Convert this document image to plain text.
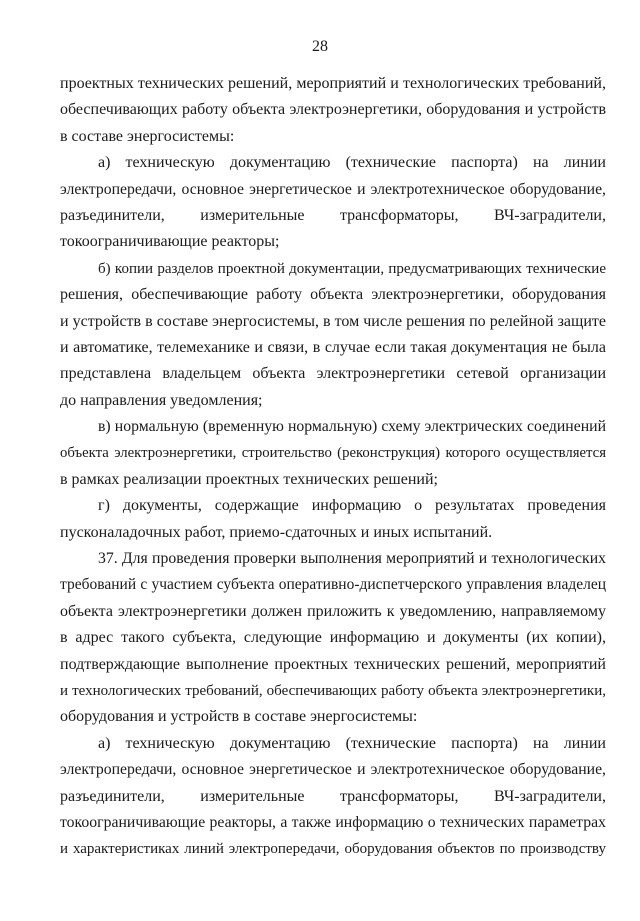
28
проектных технических решений, мероприятий и технологических требований,
обеспечивающих работу объекта электроэнергетики, оборудования и устройств
в составе энергосистемы:
а) техническую документацию (технические паспорта) на линии
электропередачи, основное энергетическое и электротехническое оборудование,
разъединители, измерительные трансформаторы, ВЧ-заградители,
токоограничивающие реакторы;
б) копии разделов проектной документации, предусматривающих технические
решения, обеспечивающие работу объекта электроэнергетики, оборудования
и устройств в составе энергосистемы, в том числе решения по релейной защите
и автоматике, телемеханике и связи, в случае если такая документация не была
представлена владельцем объекта электроэнергетики сетевой организации
до направления уведомления;
в) нормальную (временную нормальную) схему электрических соединений
объекта электроэнергетики, строительство (реконструкция) которого осуществляется
в рамках реализации проектных технических решений;
г) документы, содержащие информацию о результатах проведения
пусконаладочных работ, приемо-сдаточных и иных испытаний.
37. Для проведения проверки выполнения мероприятий и технологических
требований с участием субъекта оперативно-диспетчерского управления владелец
объекта электроэнергетики должен приложить к уведомлению, направляемому
в адрес такого субъекта, следующие информацию и документы (их копии),
подтверждающие выполнение проектных технических решений, мероприятий
и технологических требований, обеспечивающих работу объекта электроэнергетики,
оборудования и устройств в составе энергосистемы:
а) техническую документацию (технические паспорта) на линии
электропередачи, основное энергетическое и электротехническое оборудование,
разъединители, измерительные трансформаторы, ВЧ-заградители,
токоограничивающие реакторы, а также информацию о технических параметрах
и характеристиках линий электропередачи, оборудования объектов по производству
